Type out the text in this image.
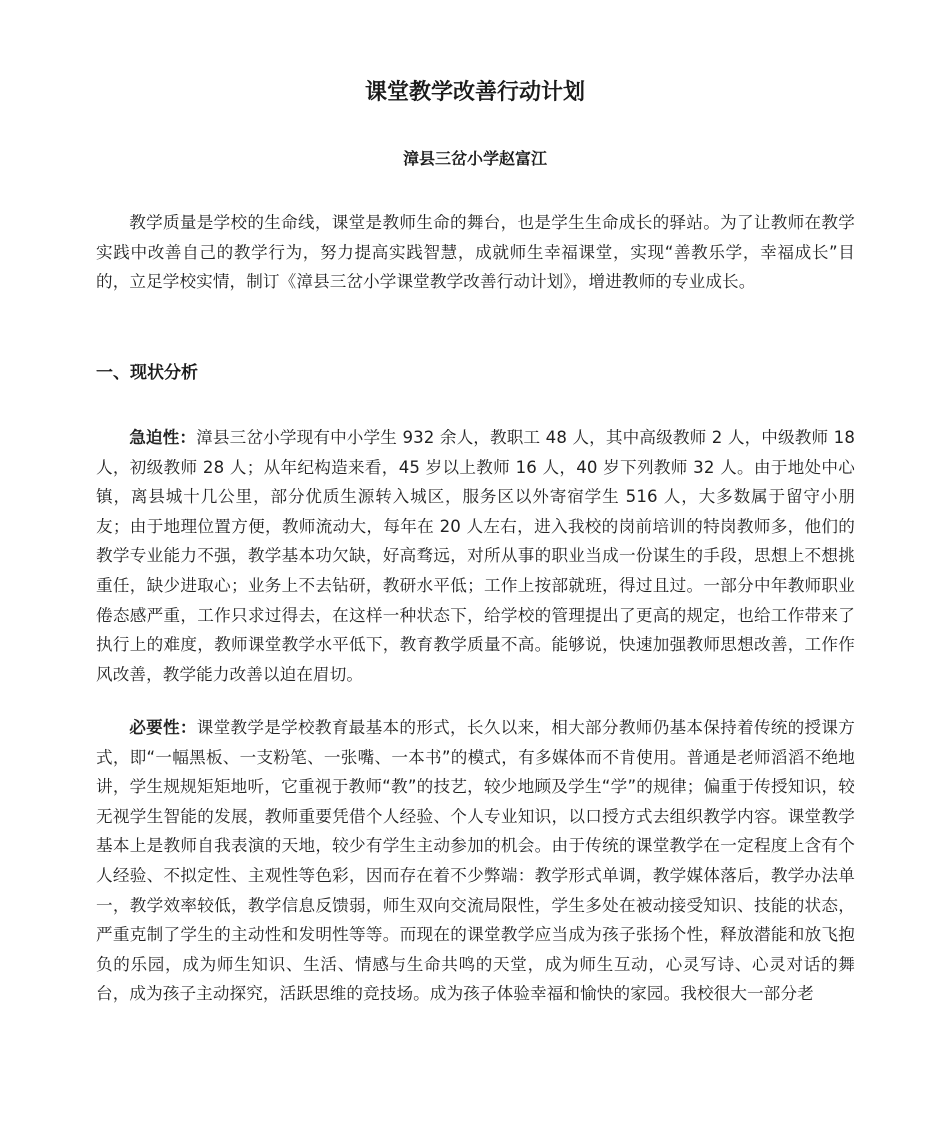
课堂教学改善行动计划
漳县三岔小学赵富江

教学质量是学校的生命线，课堂是教师生命的舞台，也是学生生命成长的驿站。为了让教师在教学实践中改善自己的教学行为，努力提高实践智慧，成就师生幸福课堂，实现“善教乐学，幸福成长”目的，立足学校实情，制订《漳县三岔小学课堂教学改善行动计划》，增进教师的专业成长。

一、现状分析

急迫性：漳县三岔小学现有中小学生 932 余人，教职工 48 人，其中高级教师 2 人，中级教师 18 人，初级教师 28 人；从年纪构造来看，45 岁以上教师 16 人，40 岁下列教师 32 人。由于地处中心镇，离县城十几公里，部分优质生源转入城区，服务区以外寄宿学生 516 人，大多数属于留守小朋友；由于地理位置方便，教师流动大，每年在 20 人左右，进入我校的岗前培训的特岗教师多，他们的教学专业能力不强，教学基本功欠缺，好高骛远，对所从事的职业当成一份谋生的手段，思想上不想挑重任，缺少进取心；业务上不去钻研，教研水平低；工作上按部就班，得过且过。一部分中年教师职业倦态感严重，工作只求过得去，在这样一种状态下，给学校的管理提出了更高的规定，也给工作带来了执行上的难度，教师课堂教学水平低下，教育教学质量不高。能够说，快速加强教师思想改善，工作作风改善，教学能力改善以迫在眉切。

必要性：课堂教学是学校教育最基本的形式，长久以来，相大部分教师仍基本保持着传统的授课方式，即“一幅黑板、一支粉笔、一张嘴、一本书”的模式，有多媒体而不肯使用。普通是老师滔滔不绝地讲，学生规规矩矩地听，它重视于教师“教”的技艺，较少地顾及学生“学”的规律；偏重于传授知识，较无视学生智能的发展，教师重要凭借个人经验、个人专业知识，以口授方式去组织教学内容。课堂教学基本上是教师自我表演的天地，较少有学生主动参加的机会。由于传统的课堂教学在一定程度上含有个人经验、不拟定性、主观性等色彩，因而存在着不少弊端：教学形式单调，教学媒体落后，教学办法单一，教学效率较低，教学信息反馈弱，师生双向交流局限性，学生多处在被动接受知识、技能的状态，严重克制了学生的主动性和发明性等等。而现在的课堂教学应当成为孩子张扬个性，释放潜能和放飞抱负的乐园，成为师生知识、生活、情感与生命共鸣的天堂，成为师生互动，心灵写诗、心灵对话的舞台，成为孩子主动探究，活跃思维的竞技场。成为孩子体验幸福和愉快的家园。我校很大一部分老
